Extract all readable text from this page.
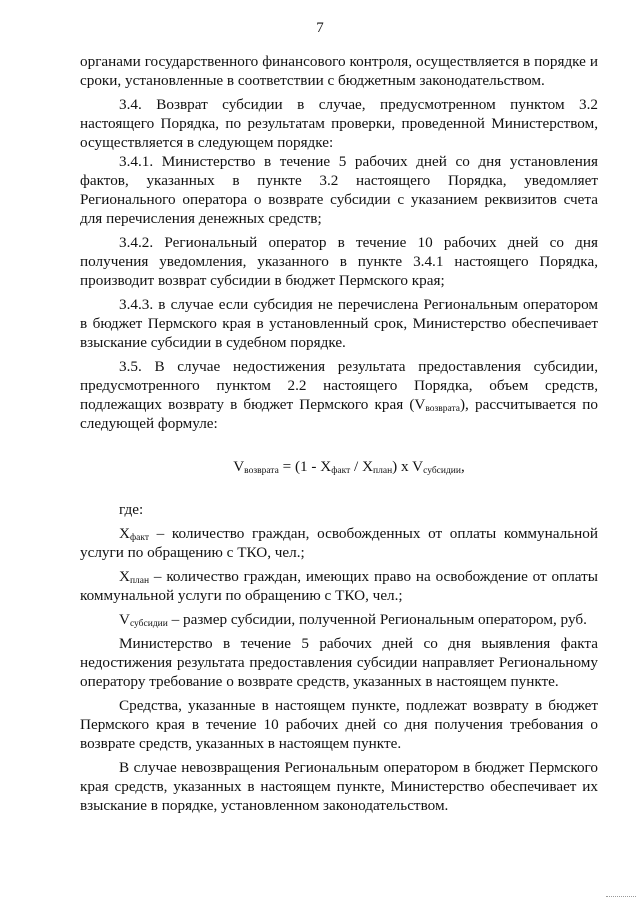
7

органами государственного финансового контроля, осуществляется в порядке и сроки, установленные в соответствии с бюджетным законодательством.

3.4. Возврат субсидии в случае, предусмотренном пунктом 3.2 настоящего Порядка, по результатам проверки, проведенной Министерством, осуществляется в следующем порядке:

3.4.1. Министерство в течение 5 рабочих дней со дня установления фактов, указанных в пункте 3.2 настоящего Порядка, уведомляет Регионального оператора о возврате субсидии с указанием реквизитов счета для перечисления денежных средств;

3.4.2. Региональный оператор в течение 10 рабочих дней со дня получения уведомления, указанного в пункте 3.4.1 настоящего Порядка, производит возврат субсидии в бюджет Пермского края;

3.4.3. в случае если субсидия не перечислена Региональным оператором в бюджет Пермского края в установленный срок, Министерство обеспечивает взыскание субсидии в судебном порядке.

3.5. В случае недостижения результата предоставления субсидии, предусмотренного пунктом 2.2 настоящего Порядка, объем средств, подлежащих возврату в бюджет Пермского края $(V_{возврата})$, рассчитывается по следующей формуле:

$V_{возврата} = (1 - X_{факт} / X_{план})$ x $V_{субсидии}$,

где:

$X_{факт}$ – количество граждан, освобожденных от оплаты коммунальной услуги по обращению с ТКО, чел.;

$X_{план}$ – количество граждан, имеющих право на освобождение от оплаты коммунальной услуги по обращению с ТКО, чел.;

$V_{субсидии}$ – размер субсидии, полученной Региональным оператором, руб.

Министерство в течение 5 рабочих дней со дня выявления факта недостижения результата предоставления субсидии направляет Региональному оператору требование о возврате средств, указанных в настоящем пункте.

Средства, указанные в настоящем пункте, подлежат возврату в бюджет Пермского края в течение 10 рабочих дней со дня получения требования о возврате средств, указанных в настоящем пункте.

В случае невозвращения Региональным оператором в бюджет Пермского края средств, указанных в настоящем пункте, Министерство обеспечивает их взыскание в порядке, установленном законодательством.
